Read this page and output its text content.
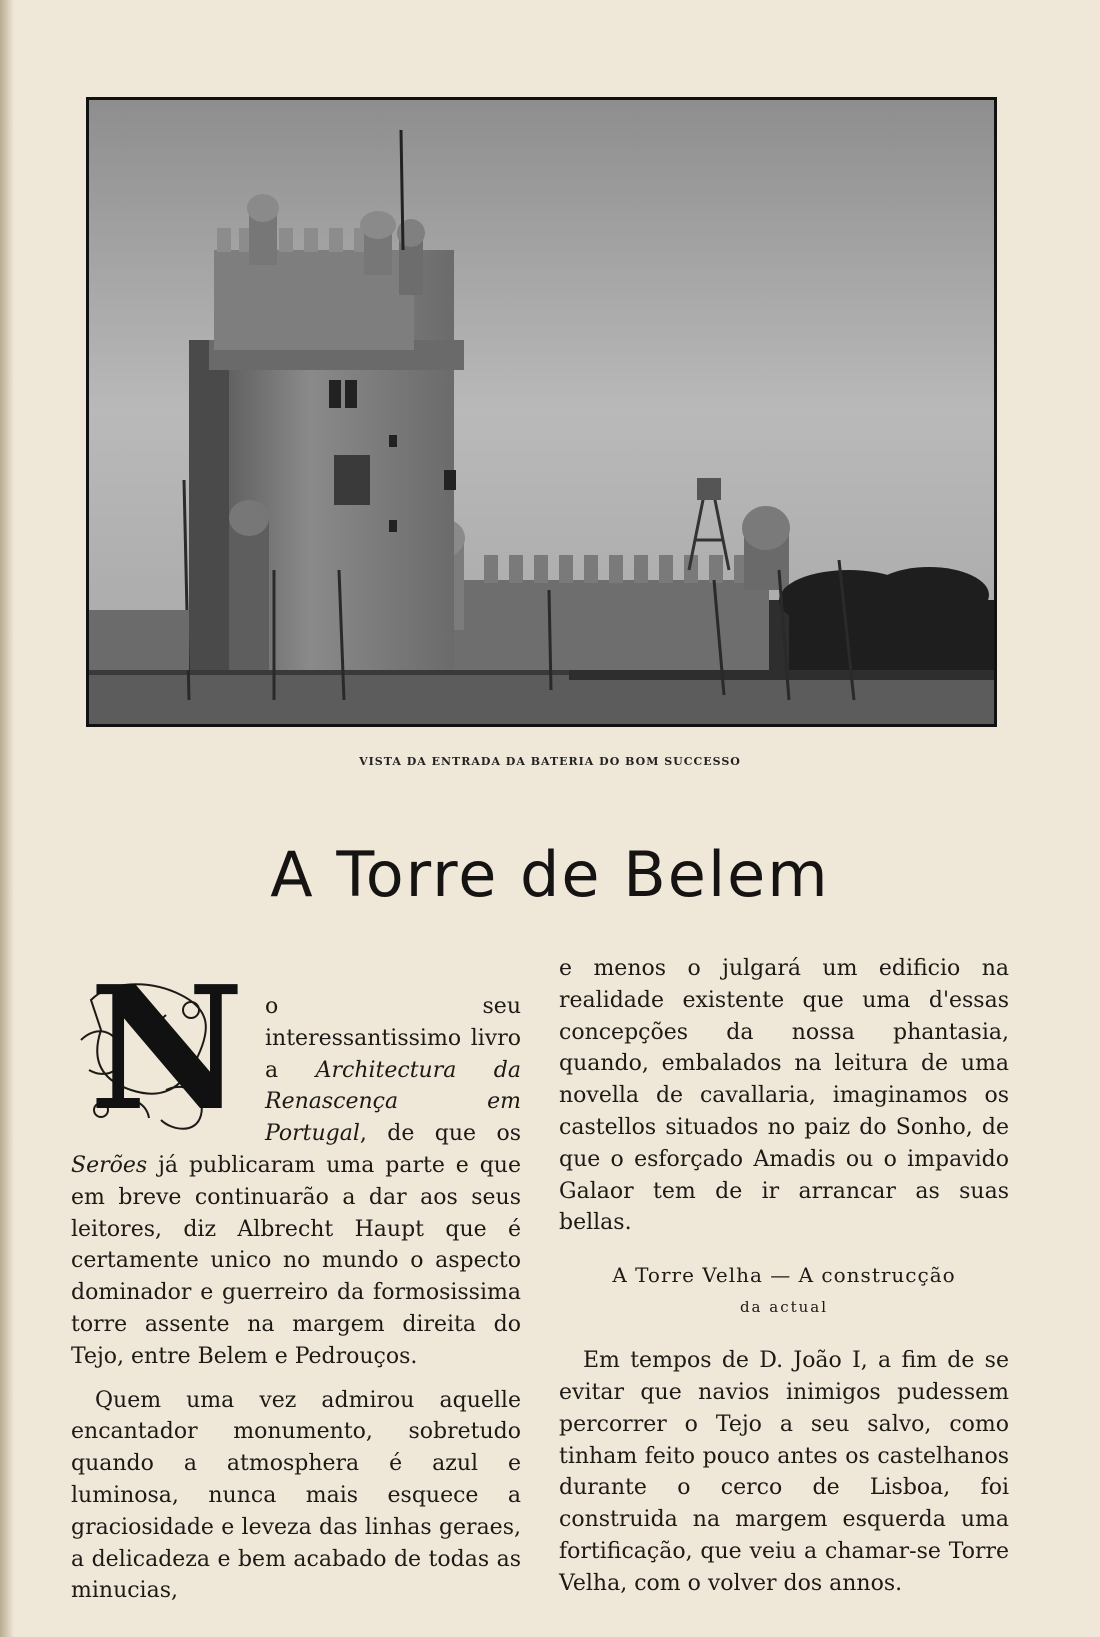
VISTA DA ENTRADA DA BATERIA DO BOM SUCCESSO
A Torre de Belem
N o seu interessantissimo livro a Architectura da Renascença em Portugal, de que os Serões já publicaram uma parte e que em breve continuarão a dar aos seus leitores, diz Albrecht Haupt que é certamente unico no mundo o aspecto dominador e guerreiro da formosissima torre assente na margem direita do Tejo, entre Belem e Pedrouços.

Quem uma vez admirou aquelle encantador monumento, sobretudo quando a atmosphera é azul e luminosa, nunca mais esquece a graciosidade e leveza das linhas geraes, a delicadeza e bem acabado de todas as minucias,

e menos o julgará um edificio na realidade existente que uma d'essas concepções da nossa phantasia, quando, embalados na leitura de uma novella de cavallaria, imaginamos os castellos situados no paiz do Sonho, de que o esforçado Amadis ou o impavido Galaor tem de ir arrancar as suas bellas.

A Torre Velha — A construcção
da actual

Em tempos de D. João I, a fim de se evitar que navios inimigos pudessem percorrer o Tejo a seu salvo, como tinham feito pouco antes os castelhanos durante o cerco de Lisboa, foi construida na margem esquerda uma fortificação, que veiu a chamar-se Torre Velha, com o volver dos annos.
